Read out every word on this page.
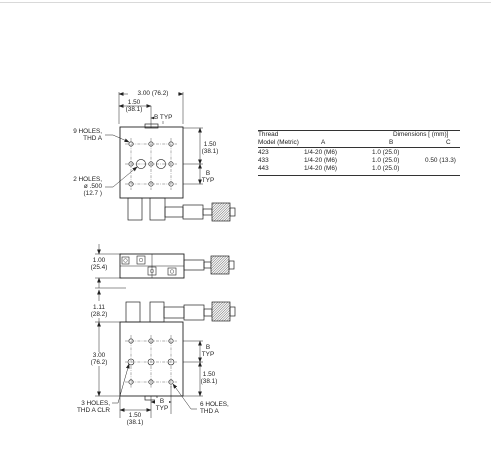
3.00 (76.2)
1.50
(38.1)
B TYP
9 HOLES,
THD A
1.50
(38.1)
B
TYP
2 HOLES,
ø .500
(12.7 )
1.00
(25.4)
1.11
(28.2)
3.00
(76.2)
B
TYP
1.50
(38.1)
3 HOLES,
THD A CLR
6 HOLES,
THD A
1.50
(38.1)
B
TYP
Thread	Dimensions [ (mm)]
Model (Metric)	A	B	C
423	1/4-20 (M6)	1.0 (25.0)
433	1/4-20 (M6)	1.0 (25.0)	0.50 (13.3)
443	1/4-20 (M6)	1.0 (25.0)
